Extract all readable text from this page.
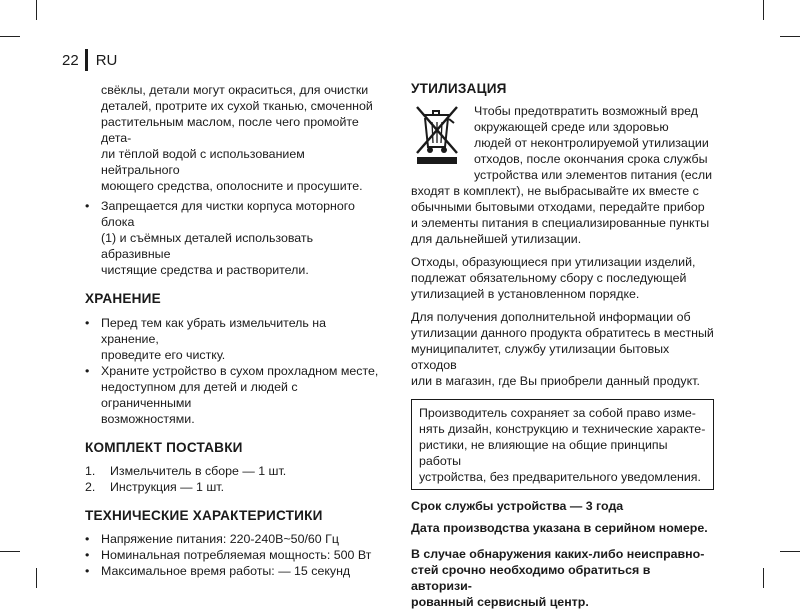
22 RU
свёклы, детали могут окраситься, для очистки
деталей, протрите их сухой тканью, смоченной
растительным маслом, после чего промойте дета-
ли тёплой водой с использованием нейтрального
моющего средства, ополосните и просушите.
• Запрещается для чистки корпуса моторного блока
(1) и съёмных деталей использовать абразивные
чистящие средства и растворители.
ХРАНЕНИЕ
• Перед тем как убрать измельчитель на хранение,
проведите его чистку.
• Храните устройство в сухом прохладном месте,
недоступном для детей и людей с ограниченными
возможностями.
КОМПЛЕКТ ПОСТАВКИ
1. Измельчитель в сборе — 1 шт.
2. Инструкция — 1 шт.
ТЕХНИЧЕСКИЕ ХАРАКТЕРИСТИКИ
• Напряжение питания: 220-240В~50/60 Гц
• Номинальная потребляемая мощность: 500 Вт
• Максимальное время работы: — 15 секунд
УТИЛИЗАЦИЯ
Чтобы предотвратить возможный вред
окружающей среде или здоровью
людей от неконтролируемой утилизации
отходов, после окончания срока службы
устройства или элементов питания (если
входят в комплект), не выбрасывайте их вместе с
обычными бытовыми отходами, передайте прибор
и элементы питания в специализированные пункты
для дальнейшей утилизации.
Отходы, образующиеся при утилизации изделий,
подлежат обязательному сбору с последующей
утилизацией в установленном порядке.
Для получения дополнительной информации об
утилизации данного продукта обратитесь в местный
муниципалитет, службу утилизации бытовых отходов
или в магазин, где Вы приобрели данный продукт.
Производитель сохраняет за собой право изме-
нять дизайн, конструкцию и технические характе-
ристики, не влияющие на общие принципы работы
устройства, без предварительного уведомления.
Срок службы устройства — 3 года
Дата производства указана в серийном номере.
В случае обнаружения каких-либо неисправно-
стей срочно необходимо обратиться в авторизи-
рованный сервисный центр.
